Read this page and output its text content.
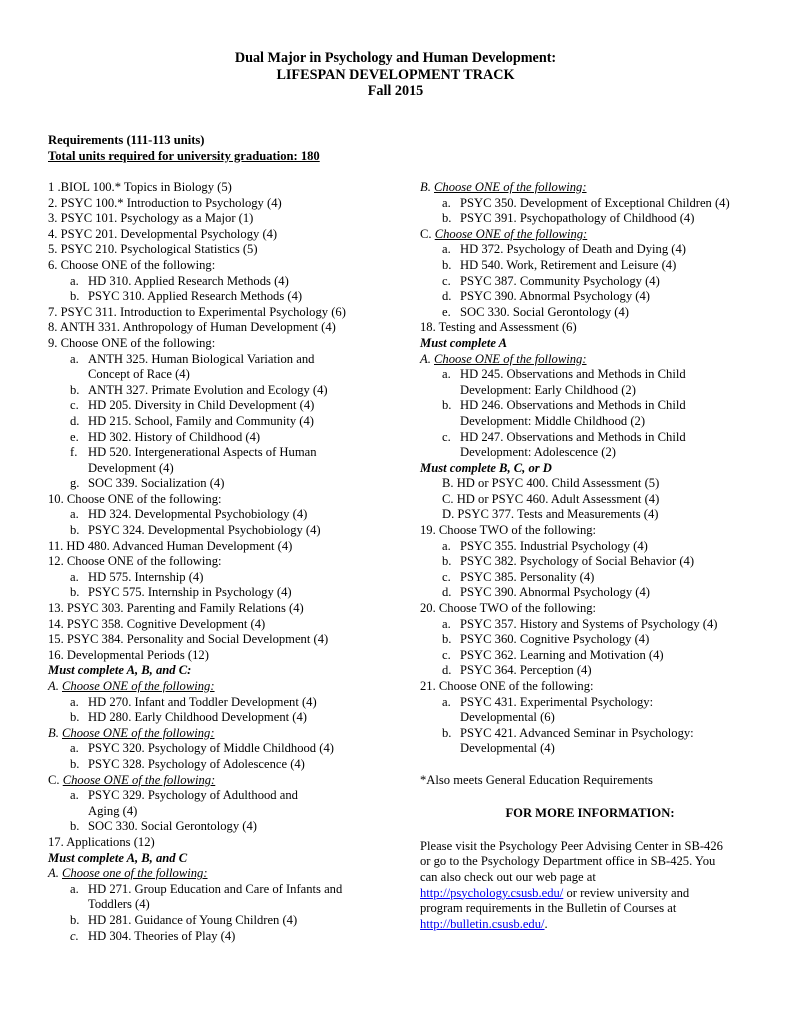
Dual Major in Psychology and Human Development:
LIFESPAN DEVELOPMENT TRACK
Fall 2015
Requirements (111-113 units)
Total units required for university graduation: 180
1 .BIOL 100.* Topics in Biology (5)
2. PSYC 100.* Introduction to Psychology (4)
3. PSYC 101. Psychology as a Major (1)
4. PSYC 201. Developmental Psychology (4)
5. PSYC 210. Psychological Statistics (5)
6. Choose ONE of the following:
a. HD 310. Applied Research Methods (4)
b. PSYC 310. Applied Research Methods (4)
7. PSYC 311. Introduction to Experimental Psychology (6)
8. ANTH 331. Anthropology of Human Development (4)
9. Choose ONE of the following:
a. ANTH 325. Human Biological Variation and Concept of Race (4)
b. ANTH 327. Primate Evolution and Ecology (4)
c. HD 205. Diversity in Child Development (4)
d. HD 215. School, Family and Community (4)
e. HD 302. History of Childhood (4)
f. HD 520. Intergenerational Aspects of Human Development (4)
g. SOC 339. Socialization (4)
10. Choose ONE of the following:
a. HD 324. Developmental Psychobiology (4)
b. PSYC 324. Developmental Psychobiology (4)
11. HD 480. Advanced Human Development (4)
12. Choose ONE of the following:
a. HD 575. Internship (4)
b. PSYC 575. Internship in Psychology (4)
13. PSYC 303. Parenting and Family Relations (4)
14. PSYC 358. Cognitive Development (4)
15. PSYC 384. Personality and Social Development (4)
16. Developmental Periods (12)
Must complete A, B, and C:
A. Choose ONE of the following:
a. HD 270. Infant and Toddler Development (4)
b. HD 280. Early Childhood Development (4)
B. Choose ONE of the following:
a. PSYC 320. Psychology of Middle Childhood (4)
b. PSYC 328. Psychology of Adolescence (4)
C. Choose ONE of the following:
a. PSYC 329. Psychology of Adulthood and Aging (4)
b. SOC 330. Social Gerontology (4)
17. Applications (12)
Must complete A, B, and C
A. Choose one of the following:
a. HD 271. Group Education and Care of Infants and Toddlers (4)
b. HD 281. Guidance of Young Children (4)
c. HD 304. Theories of Play (4)
B. Choose ONE of the following:
a. PSYC 350. Development of Exceptional Children (4)
b. PSYC 391. Psychopathology of Childhood (4)
C. Choose ONE of the following:
a. HD 372. Psychology of Death and Dying (4)
b. HD 540. Work, Retirement and Leisure (4)
c. PSYC 387. Community Psychology (4)
d. PSYC 390. Abnormal Psychology (4)
e. SOC 330. Social Gerontology (4)
18. Testing and Assessment (6)
Must complete A
A. Choose ONE of the following:
a. HD 245. Observations and Methods in Child Development: Early Childhood (2)
b. HD 246. Observations and Methods in Child Development: Middle Childhood (2)
c. HD 247. Observations and Methods in Child Development: Adolescence (2)
Must complete B, C, or D
B. HD or PSYC 400. Child Assessment (5)
C. HD or PSYC 460. Adult Assessment (4)
D. PSYC 377. Tests and Measurements (4)
19. Choose TWO of the following:
a. PSYC 355. Industrial Psychology (4)
b. PSYC 382. Psychology of Social Behavior (4)
c. PSYC 385. Personality (4)
d. PSYC 390. Abnormal Psychology (4)
20. Choose TWO of the following:
a. PSYC 357. History and Systems of Psychology (4)
b. PSYC 360. Cognitive Psychology (4)
c. PSYC 362. Learning and Motivation (4)
d. PSYC 364. Perception (4)
21. Choose ONE of the following:
a. PSYC 431. Experimental Psychology: Developmental (6)
b. PSYC 421. Advanced Seminar in Psychology: Developmental (4)
*Also meets General Education Requirements
FOR MORE INFORMATION:
Please visit the Psychology Peer Advising Center in SB-426 or go to the Psychology Department office in SB-425. You can also check out our web page at http://psychology.csusb.edu/ or review university and program requirements in the Bulletin of Courses at http://bulletin.csusb.edu/.
